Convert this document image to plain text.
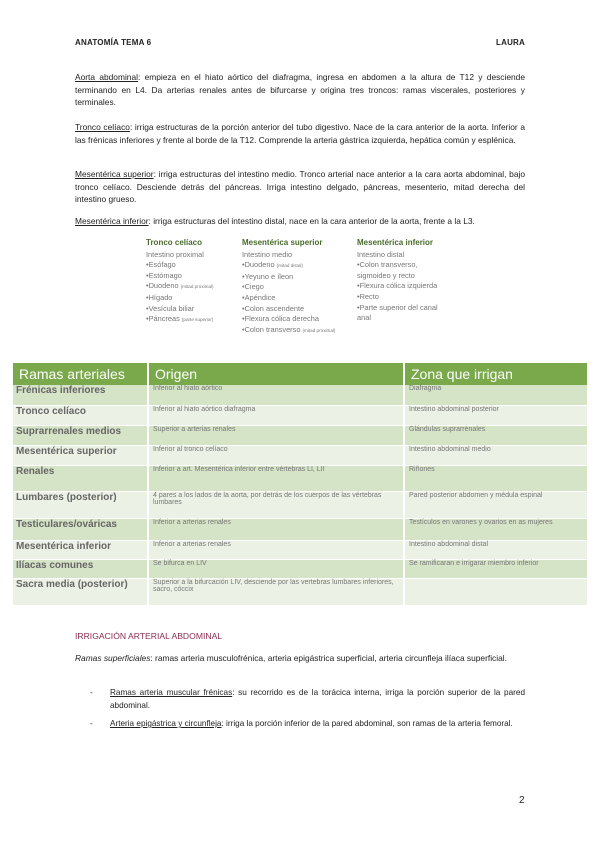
ANATOMÍA TEMA 6	LAURA
Aorta abdominal: empieza en el hiato aórtico del diafragma, ingresa en abdomen a la altura de T12 y desciende terminando en L4. Da arterias renales antes de bifurcarse y origina tres troncos: ramas viscerales, posteriores y terminales.
Tronco celíaco: irriga estructuras de la porción anterior del tubo digestivo. Nace de la cara anterior de la aorta. Inferior a las frénicas inferiores y frente al borde de la T12. Comprende la arteria gástrica izquierda, hepática común y esplénica.
Mesentérica superior: irriga estructuras del intestino medio. Tronco arterial nace anterior a la cara aorta abdominal, bajo tronco celíaco. Desciende detrás del páncreas. Irriga intestino delgado, páncreas, mesenterio, mitad derecha del intestino grueso.
Mesentérica inferior: irriga estructuras del intestino distal, nace en la cara anterior de la aorta, frente a la L3.
Tronco celíaco
Intestino proximal
•Esófago
•Estómago
•Duodeno (mitad proximal)
•Hígado
•Vesícula biliar
•Páncreas (parte superior)
Mesentérica superior
Intestino medio
•Duodeno (mitad distal)
•Yeyuno e íleon
•Ciego
•Apéndice
•Colon ascendente
•Flexura cólica derecha
•Colon transverso (mitad proximal)
Mesentérica inferior
Intestino distal
•Colon transverso,
sigmoideo y recto
•Flexura cólica izquierda
•Recto
•Parte superior del canal
anal
Ramas arteriales	Origen	Zona que irrigan
Frénicas inferiores	Inferior al hiato aórtico	Diafragma
Tronco celíaco	Inferior al hiato aórtico diafragma	Intestino abdominal posterior
Suprarrenales medios	Superior a arterias renales	Glándulas suprarrenales
Mesentérica superior	Inferior al tronco celíaco	Intestino abdominal medio
Renales	Inferior a art. Mesentérica inferior entre vértebras LI, LII	Riñones
Lumbares (posterior)	4 pares a los lados de la aorta, por detrás de los cuerpos de las vértebras lumbares	Pared posterior abdomen y médula espinal
Testiculares/ováricas	Inferior a arterias renales	Testículos en varones y ovarios en as mujeres
Mesentérica inferior	Inferior a arterias renales	Intestino abdominal distal
Ilíacas comunes	Se bifurca en LIV	Se ramificaran e irrigarar miembro inferior
Sacra media (posterior)	Superior a la bifurcación LIV, desciende por las vertebras lumbares inferiores, sacro, cóccix	
IRRIGACIÓN ARTERIAL ABDOMINAL
Ramas superficiales: ramas arteria musculofrénica, arteria epigástrica superficial, arteria circunfleja ilíaca superficial.
- Ramas arteria muscular frénicas: su recorrido es de la torácica interna, irriga la porción superior de la pared abdominal.
- Arteria epigástrica y circunfleja: irriga la porción inferior de la pared abdominal, son ramas de la arteria femoral.
2
